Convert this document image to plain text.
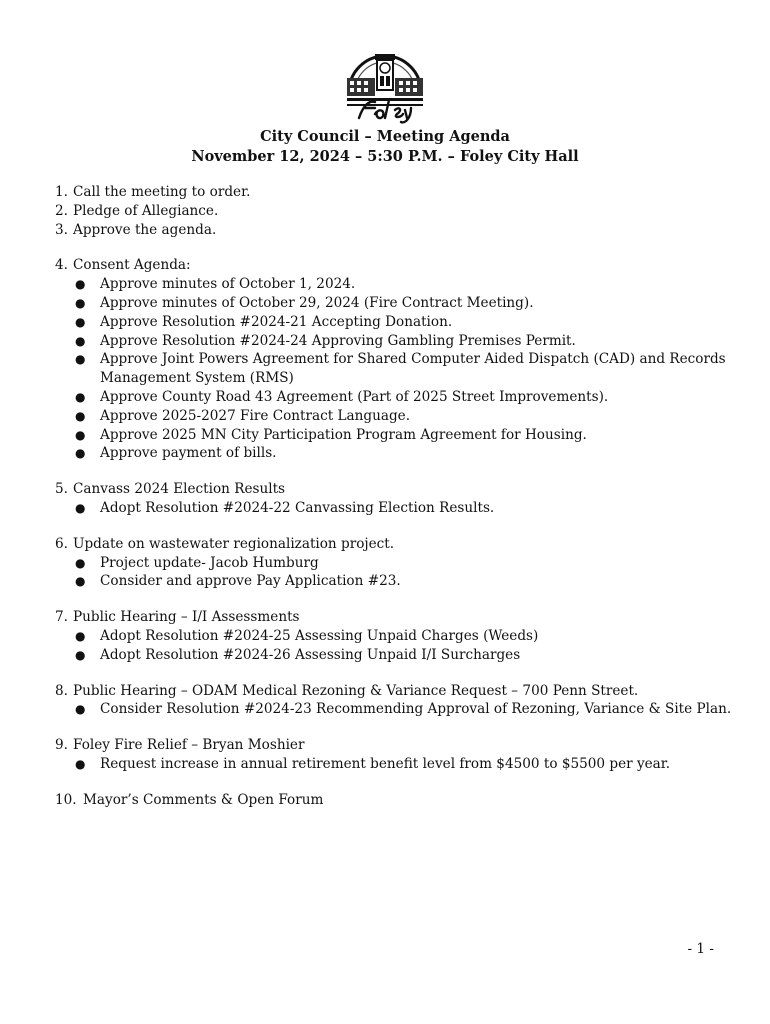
City Council – Meeting Agenda
November 12, 2024 – 5:30 P.M. – Foley City Hall
1. Call the meeting to order.
2. Pledge of Allegiance.
3. Approve the agenda.
4. Consent Agenda:
●	Approve minutes of October 1, 2024.
●	Approve minutes of October 29, 2024 (Fire Contract Meeting).
●	Approve Resolution #2024-21 Accepting Donation.
●	Approve Resolution #2024-24 Approving Gambling Premises Permit.
●	Approve Joint Powers Agreement for Shared Computer Aided Dispatch (CAD) and Records Management System (RMS)
●	Approve County Road 43 Agreement (Part of 2025 Street Improvements).
●	Approve 2025-2027 Fire Contract Language.
●	Approve 2025 MN City Participation Program Agreement for Housing.
●	Approve payment of bills.
5. Canvass 2024 Election Results
●	Adopt Resolution #2024-22 Canvassing Election Results.
6. Update on wastewater regionalization project.
●	Project update- Jacob Humburg
●	Consider and approve Pay Application #23.
7. Public Hearing – I/I Assessments
●	Adopt Resolution #2024-25 Assessing Unpaid Charges (Weeds)
●	Adopt Resolution #2024-26 Assessing Unpaid I/I Surcharges
8. Public Hearing – ODAM Medical Rezoning & Variance Request – 700 Penn Street.
●	Consider Resolution #2024-23 Recommending Approval of Rezoning, Variance & Site Plan.
9. Foley Fire Relief – Bryan Moshier
●	Request increase in annual retirement benefit level from $4500 to $5500 per year.
10. Mayor’s Comments & Open Forum
- 1 -
